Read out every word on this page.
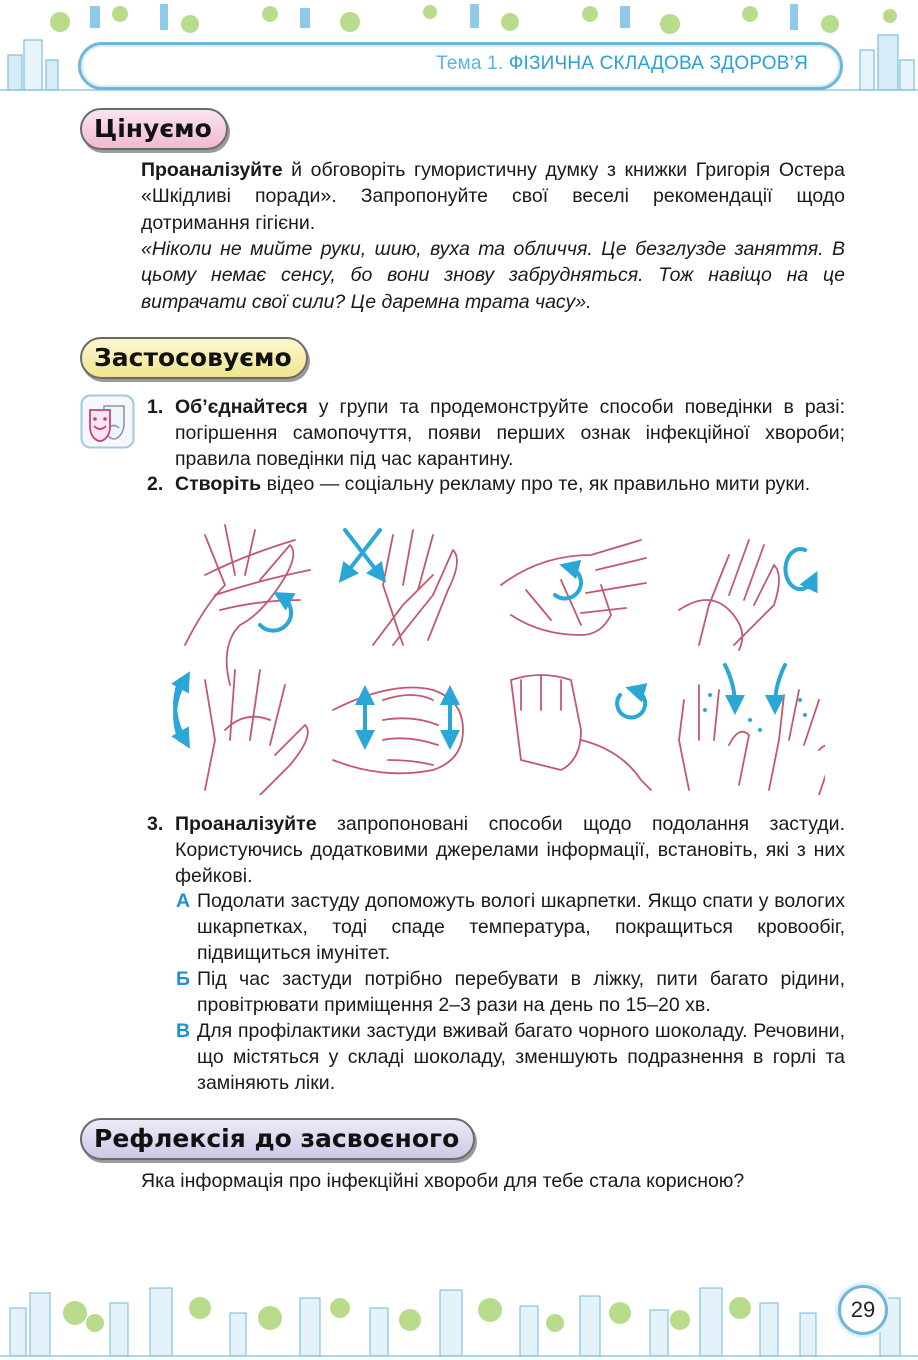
Тема 1. ФІЗИЧНА СКЛАДОВА ЗДОРОВ’Я
Цінуємо
Проаналізуйте й обговоріть гумористичну думку з книжки Григорія Остера «Шкідливі поради». Запропонуйте свої веселі рекомендації щодо дотримання гігієни.
«Ніколи не мийте руки, шию, вуха та обличчя. Це безглузде заняття. В цьому немає сенсу, бо вони знову забрудняться. Тож навіщо на це витрачати свої сили? Це даремна трата часу».
Застосовуємо
1. Об’єднайтеся у групи та продемонструйте способи поведінки в разі: погіршення самопочуття, появи перших ознак інфекційної хвороби; правила поведінки під час карантину.
2. Створіть відео — соціальну рекламу про те, як правильно мити руки.
3. Проаналізуйте запропоновані способи щодо подолання застуди. Користуючись додатковими джерелами інформації, встановіть, які з них фейкові.
А Подолати застуду допоможуть вологі шкарпетки. Якщо спати у вологих шкарпетках, тоді спаде температура, покращиться кровообіг, підвищиться імунітет.
Б Під час застуди потрібно перебувати в ліжку, пити багато рідини, провітрювати приміщення 2–3 рази на день по 15–20 хв.
В Для профілактики застуди вживай багато чорного шоколаду. Речовини, що містяться у складі шоколаду, зменшують подразнення в горлі та заміняють ліки.
Рефлексія до засвоєного
Яка інформація про інфекційні хвороби для тебе стала корисною?
29
